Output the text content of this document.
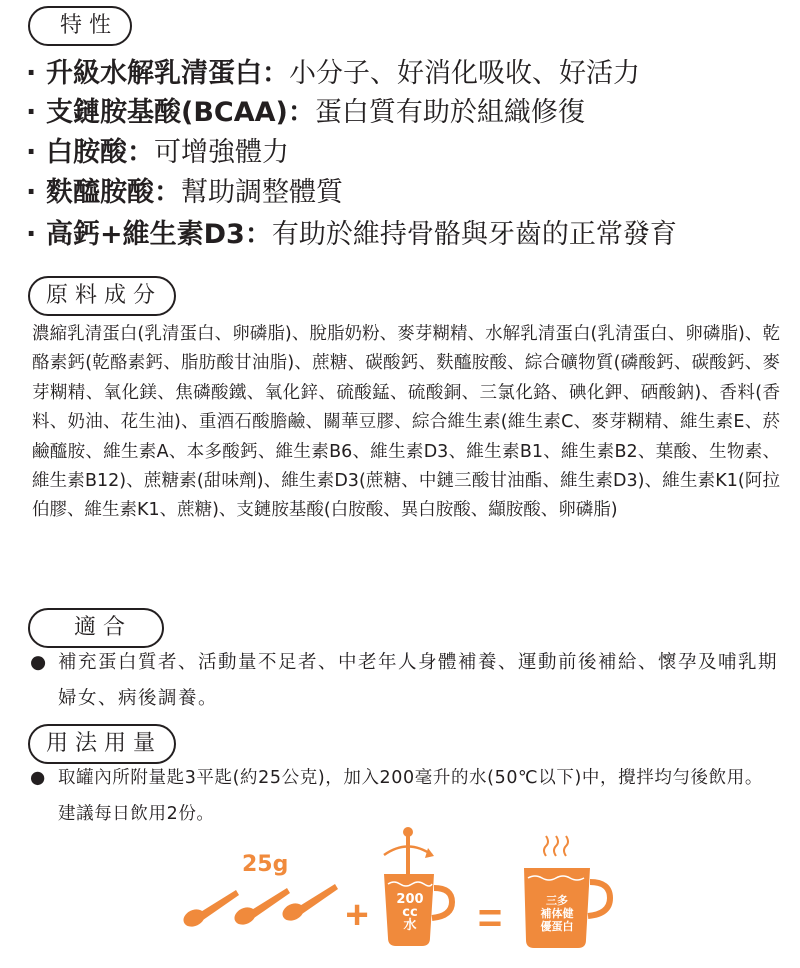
特性
· 升級水解乳清蛋白：小分子、好消化吸收、好活力
· 支鏈胺基酸(BCAA)：蛋白質有助於組織修復
· 白胺酸：可增強體力
· 麩醯胺酸：幫助調整體質
· 高鈣+維生素D3：有助於維持骨骼與牙齒的正常發育
原料成分
濃縮乳清蛋白(乳清蛋白、卵磷脂)、脫脂奶粉、麥芽糊精、水解乳清蛋白(乳清蛋白、卵磷脂)、乾酪素鈣(乾酪素鈣、脂肪酸甘油脂)、蔗糖、碳酸鈣、麩醯胺酸、綜合礦物質(磷酸鈣、碳酸鈣、麥芽糊精、氧化鎂、焦磷酸鐵、氧化鋅、硫酸錳、硫酸銅、三氯化鉻、碘化鉀、硒酸鈉)、香料(香料、奶油、花生油)、重酒石酸膽鹼、關華豆膠、綜合維生素(維生素C、麥芽糊精、維生素E、菸鹼醯胺、維生素A、本多酸鈣、維生素B6、維生素D3、維生素B1、維生素B2、葉酸、生物素、維生素B12)、蔗糖素(甜味劑)、維生素D3(蔗糖、中鏈三酸甘油酯、維生素D3)、維生素K1(阿拉伯膠、維生素K1、蔗糖)、支鏈胺基酸(白胺酸、異白胺酸、纈胺酸、卵磷脂)
適合
● 補充蛋白質者、活動量不足者、中老年人身體補養、運動前後補給、懷孕及哺乳期婦女、病後調養。
用法用量
● 取罐內所附量匙3平匙(約25公克)，加入200毫升的水(50℃以下)中，攪拌均勻後飲用。建議每日飲用2份。
+	=
25g
200
cc
水
三多
補体健
優蛋白
